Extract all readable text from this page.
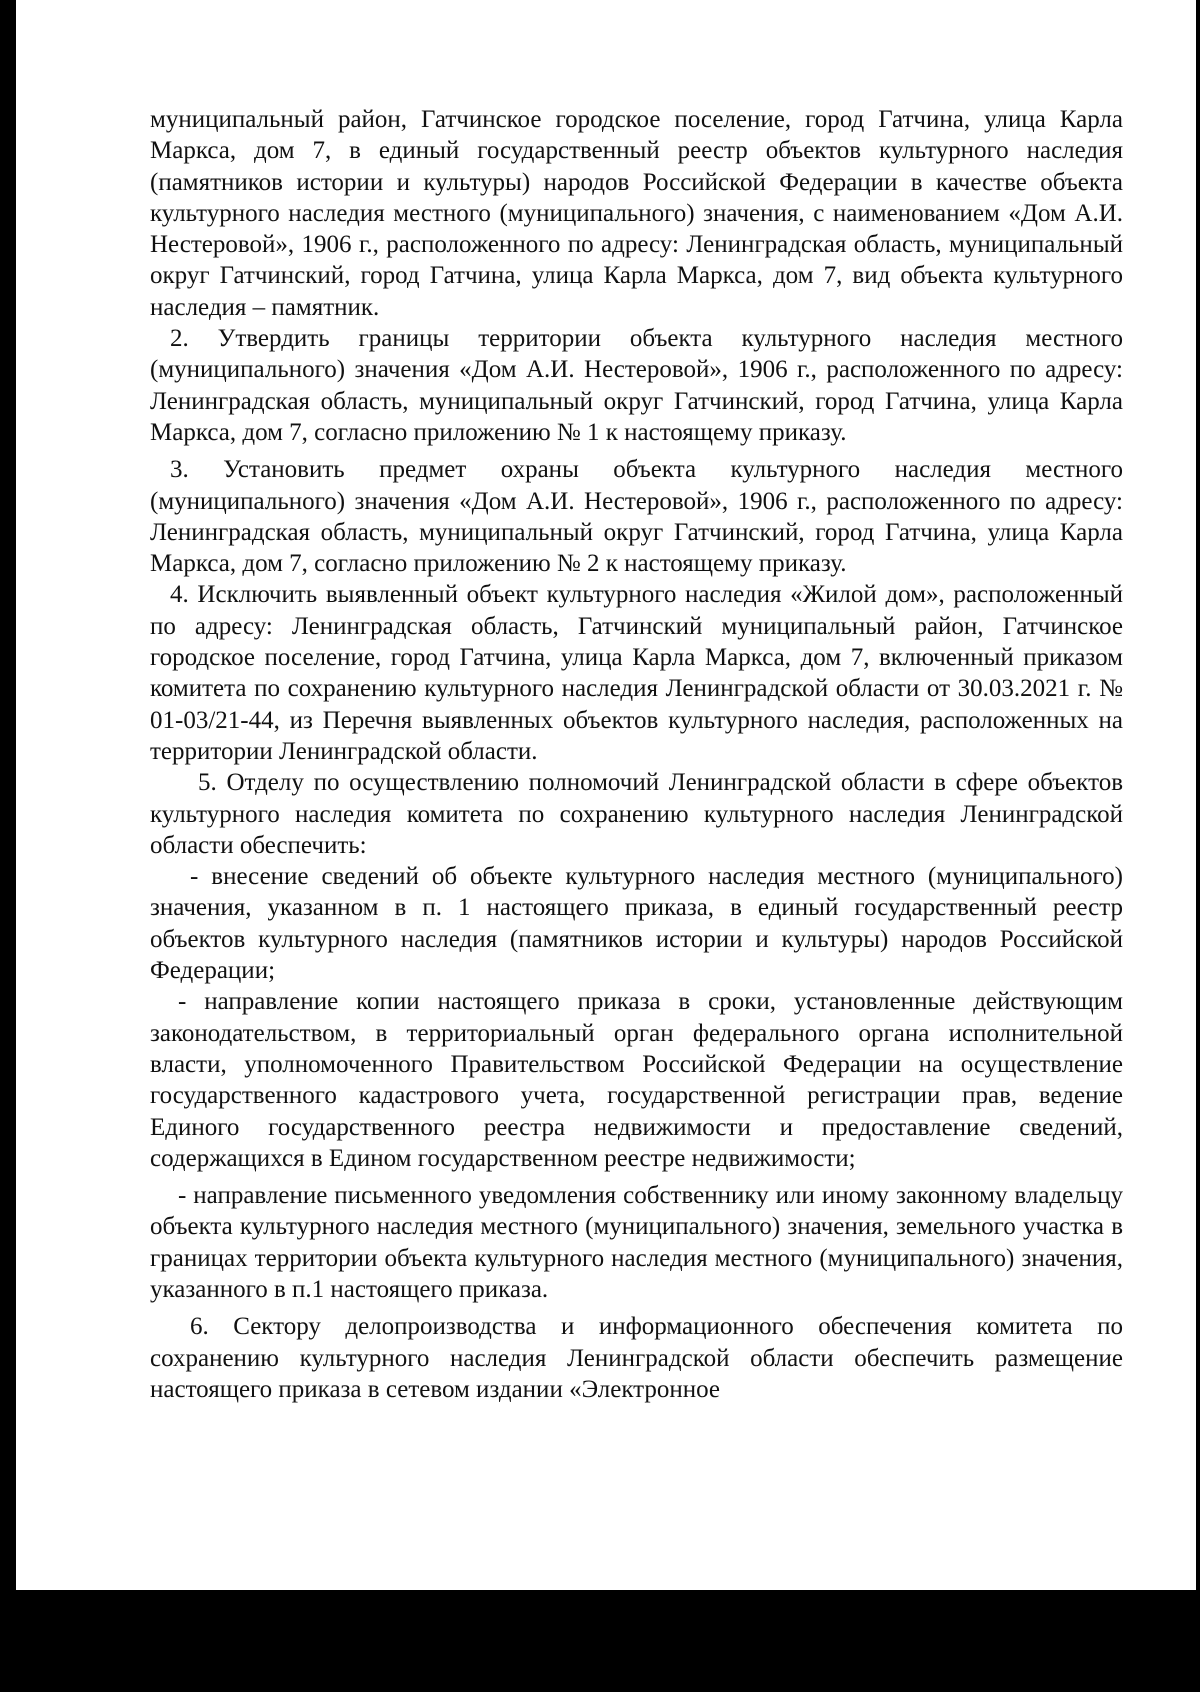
муниципальный район, Гатчинское городское поселение, город Гатчина, улица Карла Маркса, дом 7, в единый государственный реестр объектов культурного наследия (памятников истории и культуры) народов Российской Федерации в качестве объекта культурного наследия местного (муниципального) значения, с наименованием «Дом А.И. Нестеровой», 1906 г., расположенного по адресу: Ленинградская область, муниципальный округ Гатчинский, город Гатчина, улица Карла Маркса, дом 7, вид объекта культурного наследия – памятник.

2. Утвердить границы территории объекта культурного наследия местного (муниципального) значения «Дом А.И. Нестеровой», 1906 г., расположенного по адресу: Ленинградская область, муниципальный округ Гатчинский, город Гатчина, улица Карла Маркса, дом 7, согласно приложению № 1 к настоящему приказу.

3. Установить предмет охраны объекта культурного наследия местного (муниципального) значения «Дом А.И. Нестеровой», 1906 г., расположенного по адресу: Ленинградская область, муниципальный округ Гатчинский, город Гатчина, улица Карла Маркса, дом 7, согласно приложению № 2 к настоящему приказу.

4. Исключить выявленный объект культурного наследия «Жилой дом», расположенный по адресу: Ленинградская область, Гатчинский муниципальный район, Гатчинское городское поселение, город Гатчина, улица Карла Маркса, дом 7, включенный приказом комитета по сохранению культурного наследия Ленинградской области от 30.03.2021 г. № 01-03/21-44, из Перечня выявленных объектов культурного наследия, расположенных на территории Ленинградской области.

5. Отделу по осуществлению полномочий Ленинградской области в сфере объектов культурного наследия комитета по сохранению культурного наследия Ленинградской области обеспечить:

- внесение сведений об объекте культурного наследия местного (муниципального) значения, указанном в п. 1 настоящего приказа, в единый государственный реестр объектов культурного наследия (памятников истории и культуры) народов Российской Федерации;

- направление копии настоящего приказа в сроки, установленные действующим законодательством, в территориальный орган федерального органа исполнительной власти, уполномоченного Правительством Российской Федерации на осуществление государственного кадастрового учета, государственной регистрации прав, ведение Единого государственного реестра недвижимости и предоставление сведений, содержащихся в Едином государственном реестре недвижимости;

- направление письменного уведомления собственнику или иному законному владельцу объекта культурного наследия местного (муниципального) значения, земельного участка в границах территории объекта культурного наследия местного (муниципального) значения, указанного в п.1 настоящего приказа.

6. Сектору делопроизводства и информационного обеспечения комитета по сохранению культурного наследия Ленинградской области обеспечить размещение настоящего приказа в сетевом издании «Электронное
